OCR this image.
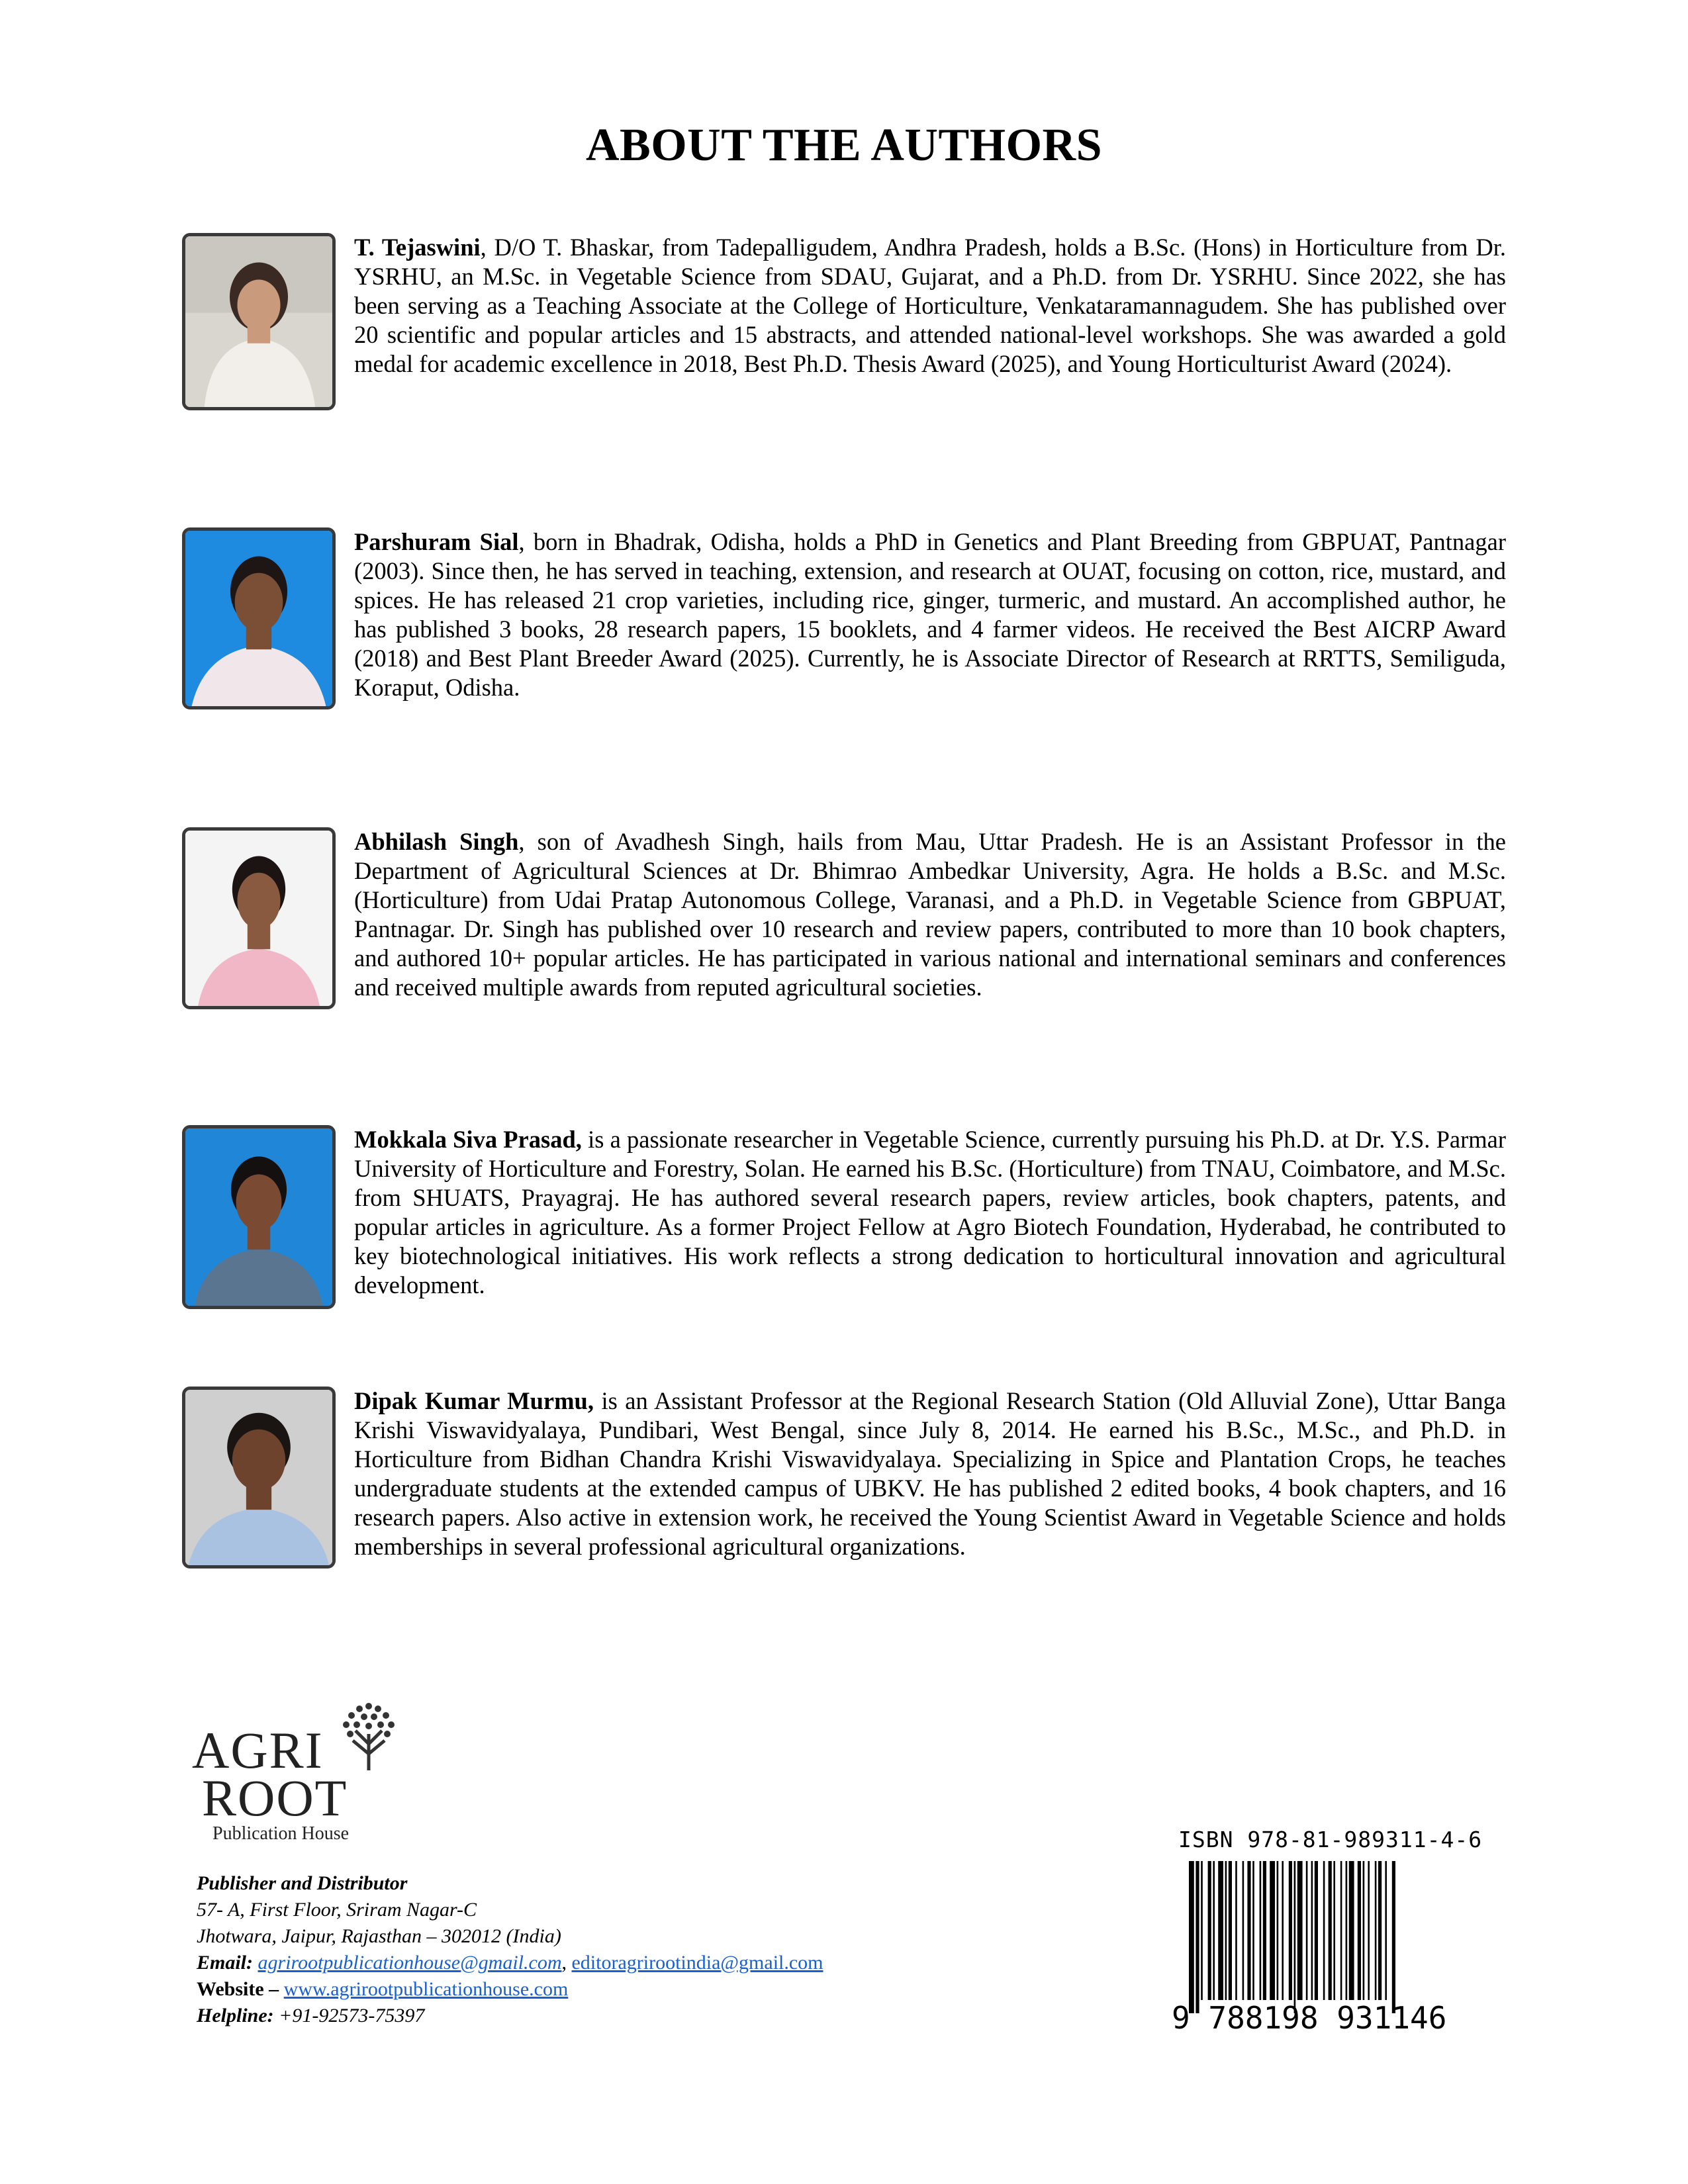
ABOUT THE AUTHORS

T. Tejaswini, D/O T. Bhaskar, from Tadepalligudem, Andhra Pradesh, holds a B.Sc. (Hons) in Horticulture from Dr. YSRHU, an M.Sc. in Vegetable Science from SDAU, Gujarat, and a Ph.D. from Dr. YSRHU. Since 2022, she has been serving as a Teaching Associate at the College of Horticulture, Venkataramannagudem. She has published over 20 scientific and popular articles and 15 abstracts, and attended national-level workshops. She was awarded a gold medal for academic excellence in 2018, Best Ph.D. Thesis Award (2025), and Young Horticulturist Award (2024).

Parshuram Sial, born in Bhadrak, Odisha, holds a PhD in Genetics and Plant Breeding from GBPUAT, Pantnagar (2003). Since then, he has served in teaching, extension, and research at OUAT, focusing on cotton, rice, mustard, and spices. He has released 21 crop varieties, including rice, ginger, turmeric, and mustard. An accomplished author, he has published 3 books, 28 research papers, 15 booklets, and 4 farmer videos. He received the Best AICRP Award (2018) and Best Plant Breeder Award (2025). Currently, he is Associate Director of Research at RRTTS, Semiliguda, Koraput, Odisha.

Abhilash Singh, son of Avadhesh Singh, hails from Mau, Uttar Pradesh. He is an Assistant Professor in the Department of Agricultural Sciences at Dr. Bhimrao Ambedkar University, Agra. He holds a B.Sc. and M.Sc. (Horticulture) from Udai Pratap Autonomous College, Varanasi, and a Ph.D. in Vegetable Science from GBPUAT, Pantnagar. Dr. Singh has published over 10 research and review papers, contributed to more than 10 book chapters, and authored 10+ popular articles. He has participated in various national and international seminars and conferences and received multiple awards from reputed agricultural societies.

Mokkala Siva Prasad, is a passionate researcher in Vegetable Science, currently pursuing his Ph.D. at Dr. Y.S. Parmar University of Horticulture and Forestry, Solan. He earned his B.Sc. (Horticulture) from TNAU, Coimbatore, and M.Sc. from SHUATS, Prayagraj. He has authored several research papers, review articles, book chapters, patents, and popular articles in agriculture. As a former Project Fellow at Agro Biotech Foundation, Hyderabad, he contributed to key biotechnological initiatives. His work reflects a strong dedication to horticultural innovation and agricultural development.

Dipak Kumar Murmu, is an Assistant Professor at the Regional Research Station (Old Alluvial Zone), Uttar Banga Krishi Viswavidyalaya, Pundibari, West Bengal, since July 8, 2014. He earned his B.Sc., M.Sc., and Ph.D. in Horticulture from Bidhan Chandra Krishi Viswavidyalaya. Specializing in Spice and Plantation Crops, he teaches undergraduate students at the extended campus of UBKV. He has published 2 edited books, 4 book chapters, and 16 research papers. Also active in extension work, he received the Young Scientist Award in Vegetable Science and holds memberships in several professional agricultural organizations.

AGRI
ROOT
Publication House
Publisher and Distributor
57- A, First Floor, Sriram Nagar-C
Jhotwara, Jaipur, Rajasthan – 302012 (India)
Email: agrirootpublicationhouse@gmail.com, editoragrirootindia@gmail.com
Website – www.agrirootpublicationhouse.com
Helpline: +91-92573-75397
ISBN 978-81-989311-4-6
9 788198 931146
